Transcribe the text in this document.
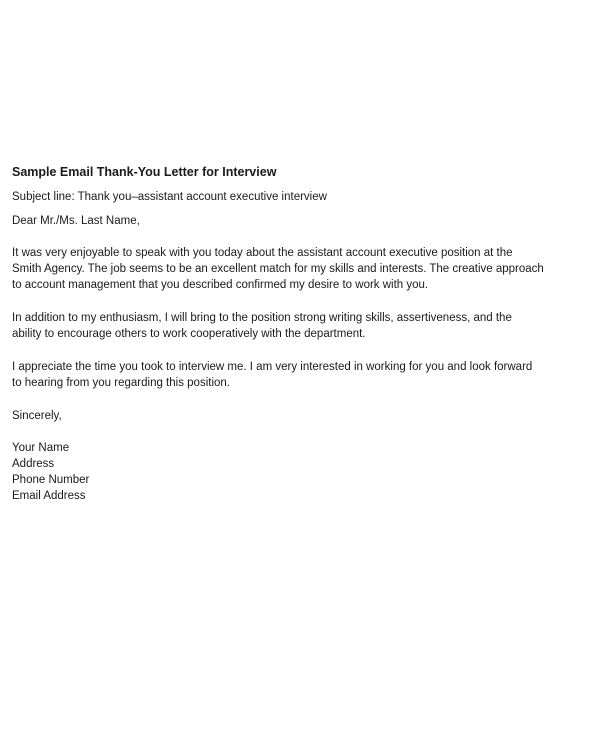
Sample Email Thank-You Letter for Interview

Subject line: Thank you–assistant account executive interview

Dear Mr./Ms. Last Name,

It was very enjoyable to speak with you today about the assistant account executive position at the

Smith Agency. The job seems to be an excellent match for my skills and interests. The creative approach

to account management that you described confirmed my desire to work with you.

In addition to my enthusiasm, I will bring to the position strong writing skills, assertiveness, and the

ability to encourage others to work cooperatively with the department.

I appreciate the time you took to interview me. I am very interested in working for you and look forward

to hearing from you regarding this position.

Sincerely,

Your Name

Address

Phone Number

Email Address
